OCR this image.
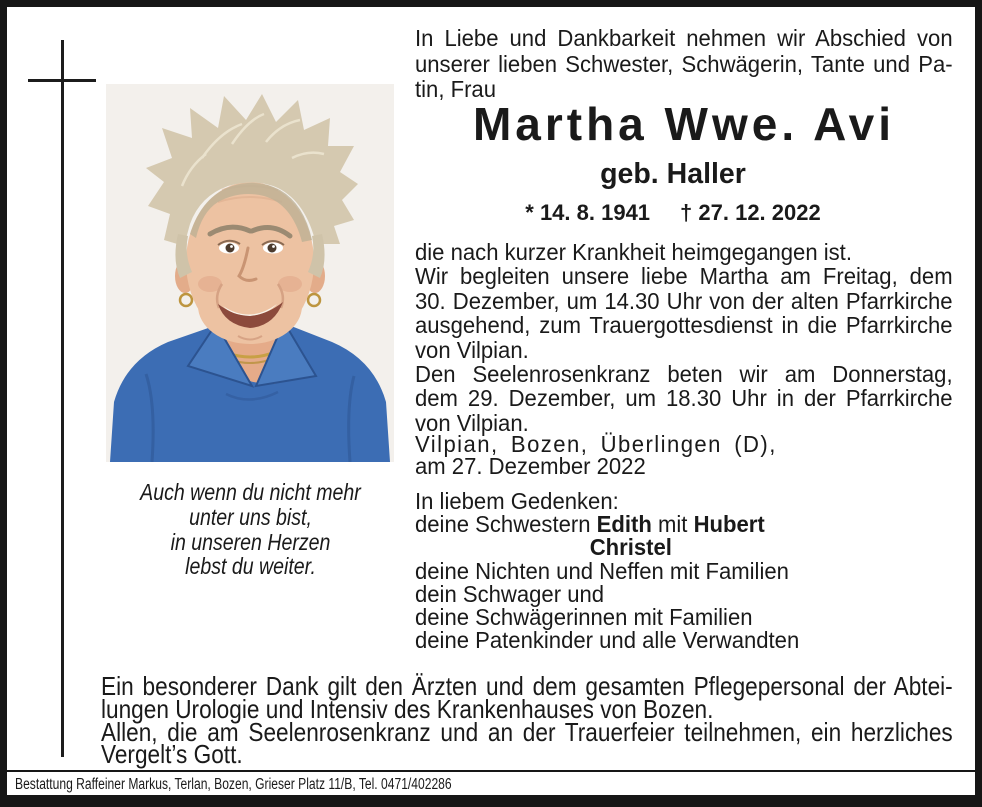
Auch wenn du nicht mehr
unter uns bist,
in unseren Herzen
lebst du weiter.
In Liebe und Dankbarkeit nehmen wir Abschied von
unserer lieben Schwester, Schwägerin, Tante und Pa-
tin, Frau
Martha Wwe. Avi
geb. Haller
* 14. 8. 1941 † 27. 12. 2022
die nach kurzer Krankheit heimgegangen ist.
Wir begleiten unsere liebe Martha am Freitag, dem
30. Dezember, um 14.30 Uhr von der alten Pfarrkirche
ausgehend, zum Trauergottesdienst in die Pfarrkirche
von Vilpian.
Den Seelenrosenkranz beten wir am Donnerstag,
dem 29. Dezember, um 18.30 Uhr in der Pfarrkirche
von Vilpian.
Vilpian, Bozen, Überlingen (D),
am 27. Dezember 2022
In liebem Gedenken:
deine Schwestern Edith mit Hubert
Christel
deine Nichten und Neffen mit Familien
dein Schwager und
deine Schwägerinnen mit Familien
deine Patenkinder und alle Verwandten
Ein besonderer Dank gilt den Ärzten und dem gesamten Pflegepersonal der Abtei-
lungen Urologie und Intensiv des Krankenhauses von Bozen.
Allen, die am Seelenrosenkranz und an der Trauerfeier teilnehmen, ein herzliches
Vergelt’s Gott.
Bestattung Raffeiner Markus, Terlan, Bozen, Grieser Platz 11/B, Tel. 0471/402286
